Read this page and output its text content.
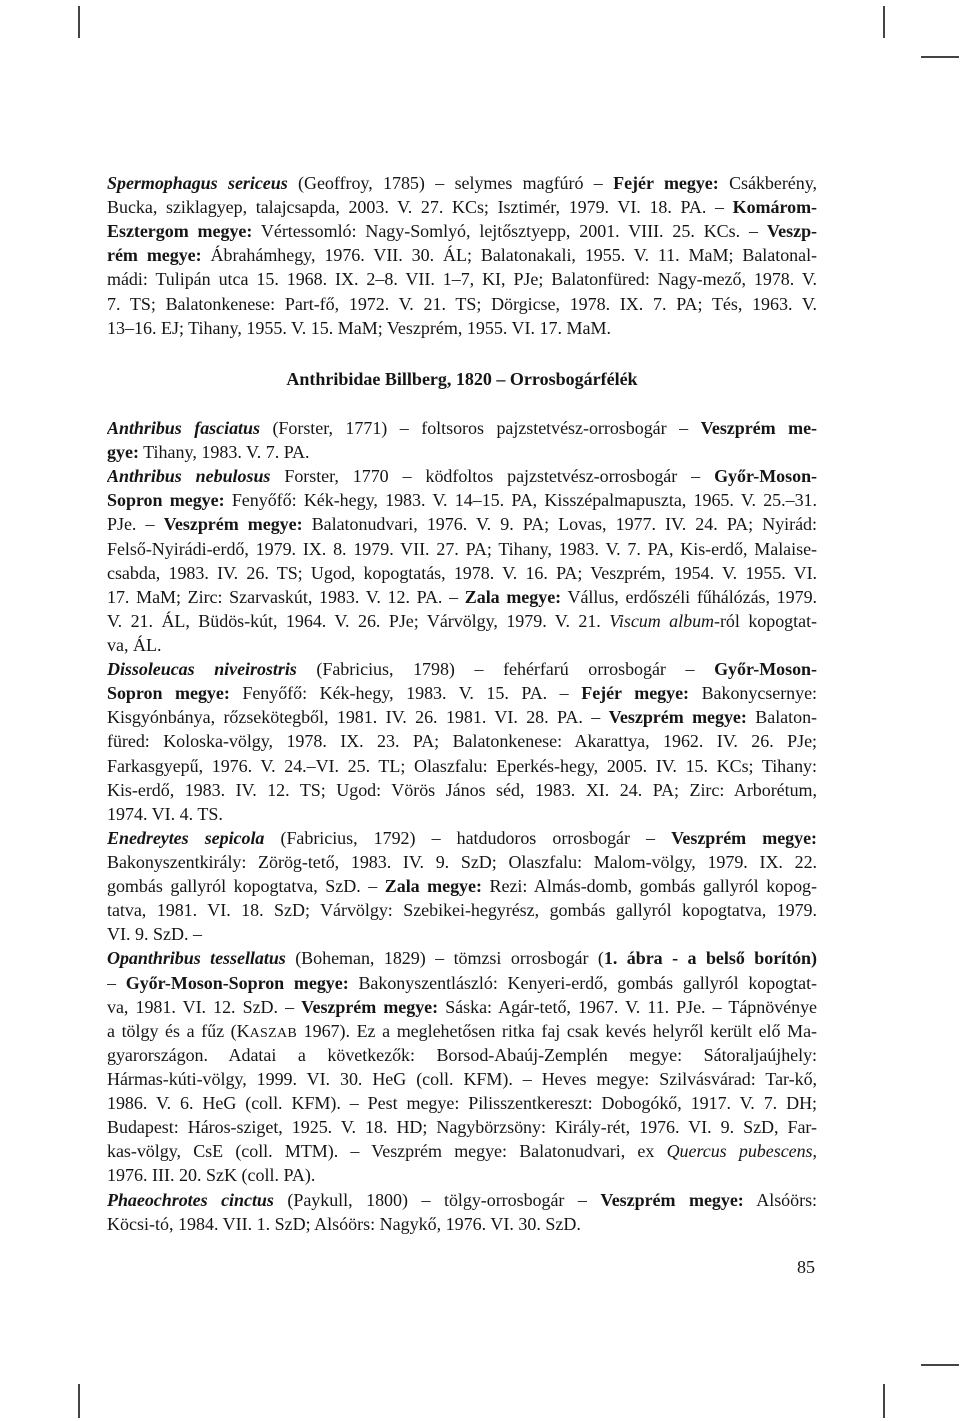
Spermophagus sericeus (Geoffroy, 1785) – selymes magfúró – Fejér megye: Csákberény,
Bucka, sziklagyep, talajcsapda, 2003. V. 27. KCs; Isztimér, 1979. VI. 18. PA. – Komárom-
Esztergom megye: Vértessomló: Nagy-Somlyó, lejtősztyepp, 2001. VIII. 25. KCs. – Veszp-
rém megye: Ábrahámhegy, 1976. VII. 30. ÁL; Balatonakali, 1955. V. 11. MaM; Balatonal-
mádi: Tulipán utca 15. 1968. IX. 2–8. VII. 1–7, KI, PJe; Balatonfüred: Nagy-mező, 1978. V.
7. TS; Balatonkenese: Part-fő, 1972. V. 21. TS; Dörgicse, 1978. IX. 7. PA; Tés, 1963. V.
13–16. EJ; Tihany, 1955. V. 15. MaM; Veszprém, 1955. VI. 17. MaM.
Anthribidae Billberg, 1820 – Orrosbogárfélék
Anthribus fasciatus (Forster, 1771) – foltsoros pajzstetvész-orrosbogár – Veszprém me-
gye: Tihany, 1983. V. 7. PA.
Anthribus nebulosus Forster, 1770 – ködfoltos pajzstetvész-orrosbogár – Győr-Moson-
Sopron megye: Fenyőfő: Kék-hegy, 1983. V. 14–15. PA, Kisszépalmapuszta, 1965. V. 25.–31.
PJe. – Veszprém megye: Balatonudvari, 1976. V. 9. PA; Lovas, 1977. IV. 24. PA; Nyirád:
Felső-Nyirádi-erdő, 1979. IX. 8. 1979. VII. 27. PA; Tihany, 1983. V. 7. PA, Kis-erdő, Malaise-
csabda, 1983. IV. 26. TS; Ugod, kopogtatás, 1978. V. 16. PA; Veszprém, 1954. V. 1955. VI.
17. MaM; Zirc: Szarvaskút, 1983. V. 12. PA. – Zala megye: Vállus, erdőszéli fűhálózás, 1979.
V. 21. ÁL, Büdös-kút, 1964. V. 26. PJe; Várvölgy, 1979. V. 21. Viscum album-ról kopogtat-
va, ÁL.
Dissoleucas niveirostris (Fabricius, 1798) – fehérfarú orrosbogár – Győr-Moson-
Sopron megye: Fenyőfő: Kék-hegy, 1983. V. 15. PA. – Fejér megye: Bakonycsernye:
Kisgyónbánya, rőzsekötegből, 1981. IV. 26. 1981. VI. 28. PA. – Veszprém megye: Balaton-
füred: Koloska-völgy, 1978. IX. 23. PA; Balatonkenese: Akarattya, 1962. IV. 26. PJe;
Farkasgyepű, 1976. V. 24.–VI. 25. TL; Olaszfalu: Eperkés-hegy, 2005. IV. 15. KCs; Tihany:
Kis-erdő, 1983. IV. 12. TS; Ugod: Vörös János séd, 1983. XI. 24. PA; Zirc: Arborétum,
1974. VI. 4. TS.
Enedreytes sepicola (Fabricius, 1792) – hatdudoros orrosbogár – Veszprém megye:
Bakonyszentkirály: Zörög-tető, 1983. IV. 9. SzD; Olaszfalu: Malom-völgy, 1979. IX. 22.
gombás gallyról kopogtatva, SzD. – Zala megye: Rezi: Almás-domb, gombás gallyról kopog-
tatva, 1981. VI. 18. SzD; Várvölgy: Szebikei-hegyrész, gombás gallyról kopogtatva, 1979.
VI. 9. SzD. –
Opanthribus tessellatus (Boheman, 1829) – tömzsi orrosbogár (1. ábra - a belső borítón)
– Győr-Moson-Sopron megye: Bakonyszentlászló: Kenyeri-erdő, gombás gallyról kopogtat-
va, 1981. VI. 12. SzD. – Veszprém megye: Sáska: Agár-tető, 1967. V. 11. PJe. – Tápnövénye
a tölgy és a fűz (KASZAB 1967). Ez a meglehetősen ritka faj csak kevés helyről került elő Ma-
gyarországon. Adatai a következők: Borsod-Abaúj-Zemplén megye: Sátoraljaújhely:
Hármas-kúti-völgy, 1999. VI. 30. HeG (coll. KFM). – Heves megye: Szilvásvárad: Tar-kő,
1986. V. 6. HeG (coll. KFM). – Pest megye: Pilisszentkereszt: Dobogókő, 1917. V. 7. DH;
Budapest: Háros-sziget, 1925. V. 18. HD; Nagybörzsöny: Király-rét, 1976. VI. 9. SzD, Far-
kas-völgy, CsE (coll. MTM). – Veszprém megye: Balatonudvari, ex Quercus pubescens,
1976. III. 20. SzK (coll. PA).
Phaeochrotes cinctus (Paykull, 1800) – tölgy-orrosbogár – Veszprém megye: Alsóörs:
Köcsi-tó, 1984. VII. 1. SzD; Alsóörs: Nagykő, 1976. VI. 30. SzD.
85
